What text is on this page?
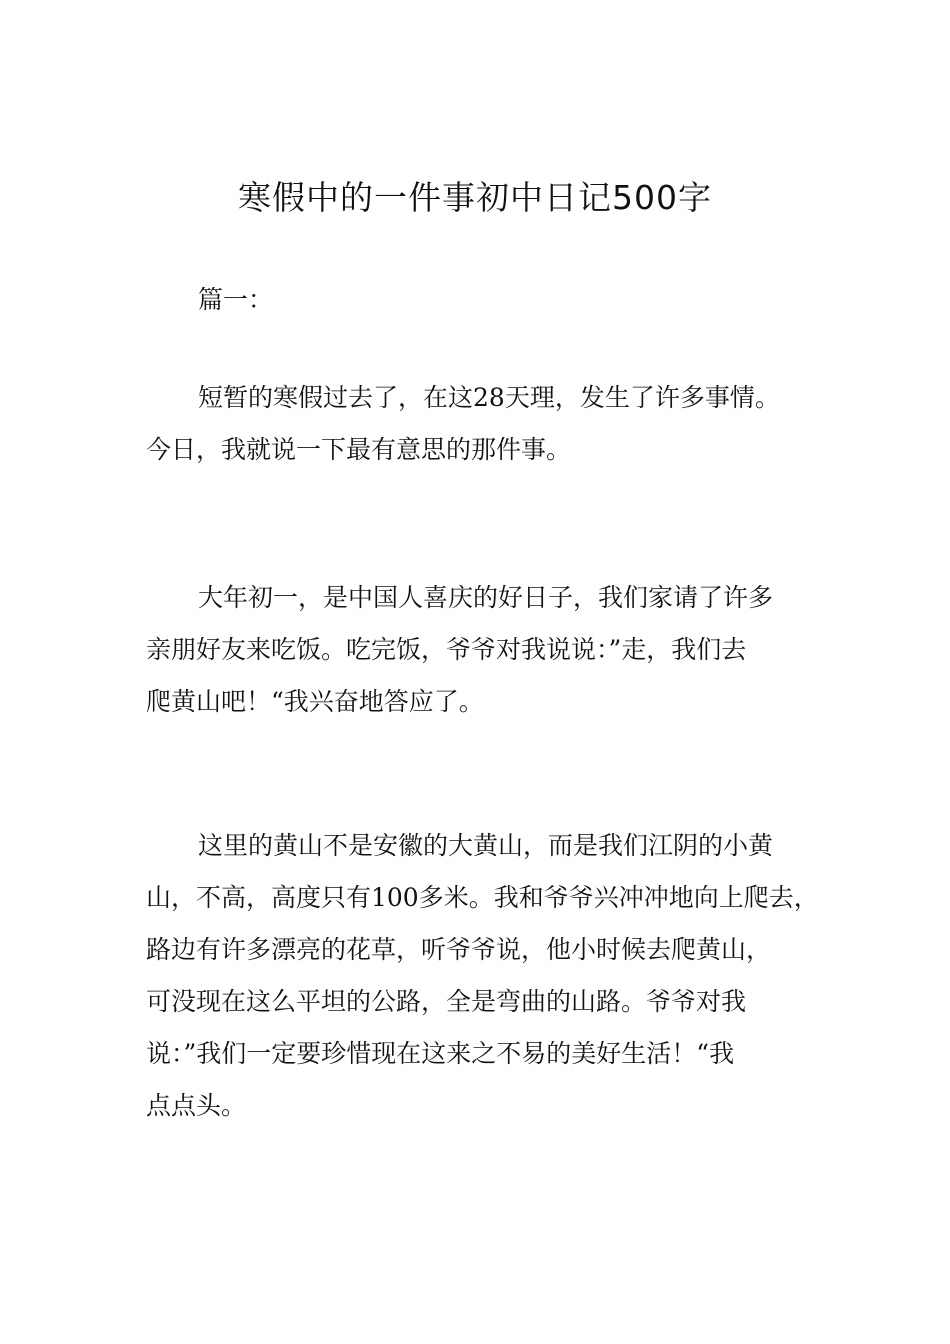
寒假中的一件事初中日记500字

篇一：

短暂的寒假过去了，在这28天理，发生了许多事情。
今日，我就说一下最有意思的那件事。

大年初一，是中国人喜庆的好日子，我们家请了许多
亲朋好友来吃饭。吃完饭，爷爷对我说说：”走，我们去
爬黄山吧！“我兴奋地答应了。

这里的黄山不是安徽的大黄山，而是我们江阴的小黄
山，不高，高度只有100多米。我和爷爷兴冲冲地向上爬去，
路边有许多漂亮的花草，听爷爷说，他小时候去爬黄山，
可没现在这么平坦的公路，全是弯曲的山路。爷爷对我
说：”我们一定要珍惜现在这来之不易的美好生活！“我
点点头。
